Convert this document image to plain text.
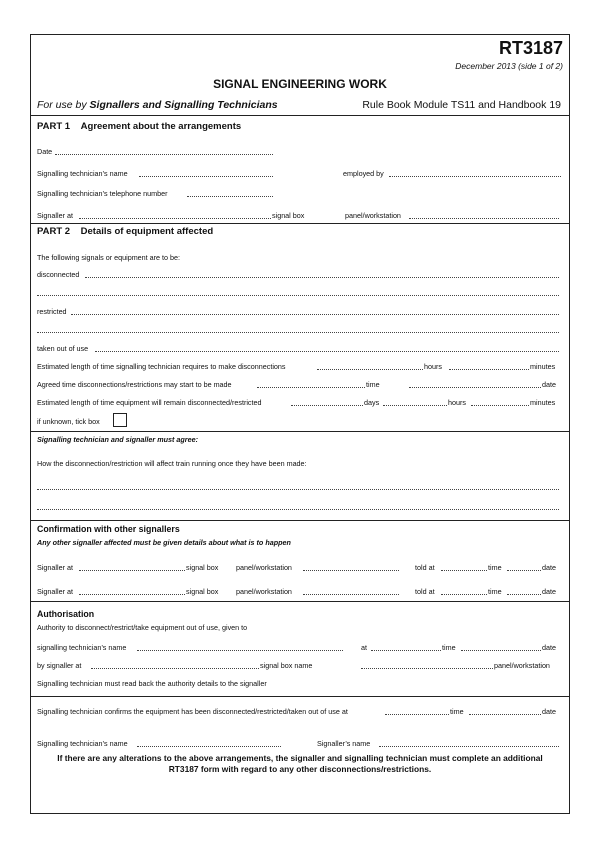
RT3187
December 2013 (side 1 of 2)
SIGNAL ENGINEERING WORK
For use by Signallers and Signalling Technicians	Rule Book Module TS11 and Handbook 19
PART 1 Agreement about the arrangements
Date
Signalling technician’s name	employed by
Signalling technician’s telephone number
Signaller at	signal box	panel/workstation
PART 2 Details of equipment affected
The following signals or equipment are to be:
disconnected
restricted
taken out of use
Estimated length of time signalling technician requires to make disconnections	hours	minutes
Agreed time disconnections/restrictions may start to be made	time	date
Estimated length of time equipment will remain disconnected/restricted	days	hours	minutes
if unknown, tick box
Signalling technician and signaller must agree:
How the disconnection/restriction will affect train running once they have been made:
Confirmation with other signallers
Any other signaller affected must be given details about what is to happen
Signaller at	signal box panel/workstation	told at	time	date
Signaller at	signal box panel/workstation	told at	time	date
Authorisation
Authority to disconnect/restrict/take equipment out of use, given to
signalling technician’s name	at	time	date
by signaller at	signal box name	panel/workstation
Signalling technician must read back the authority details to the signaller
Signalling technician confirms the equipment has been disconnected/restricted/taken out of use at	time	date
Signalling technician’s name	Signaller’s name
If there are any alterations to the above arrangements, the signaller and signalling technician must complete an additional RT3187 form with regard to any other disconnections/restrictions.
